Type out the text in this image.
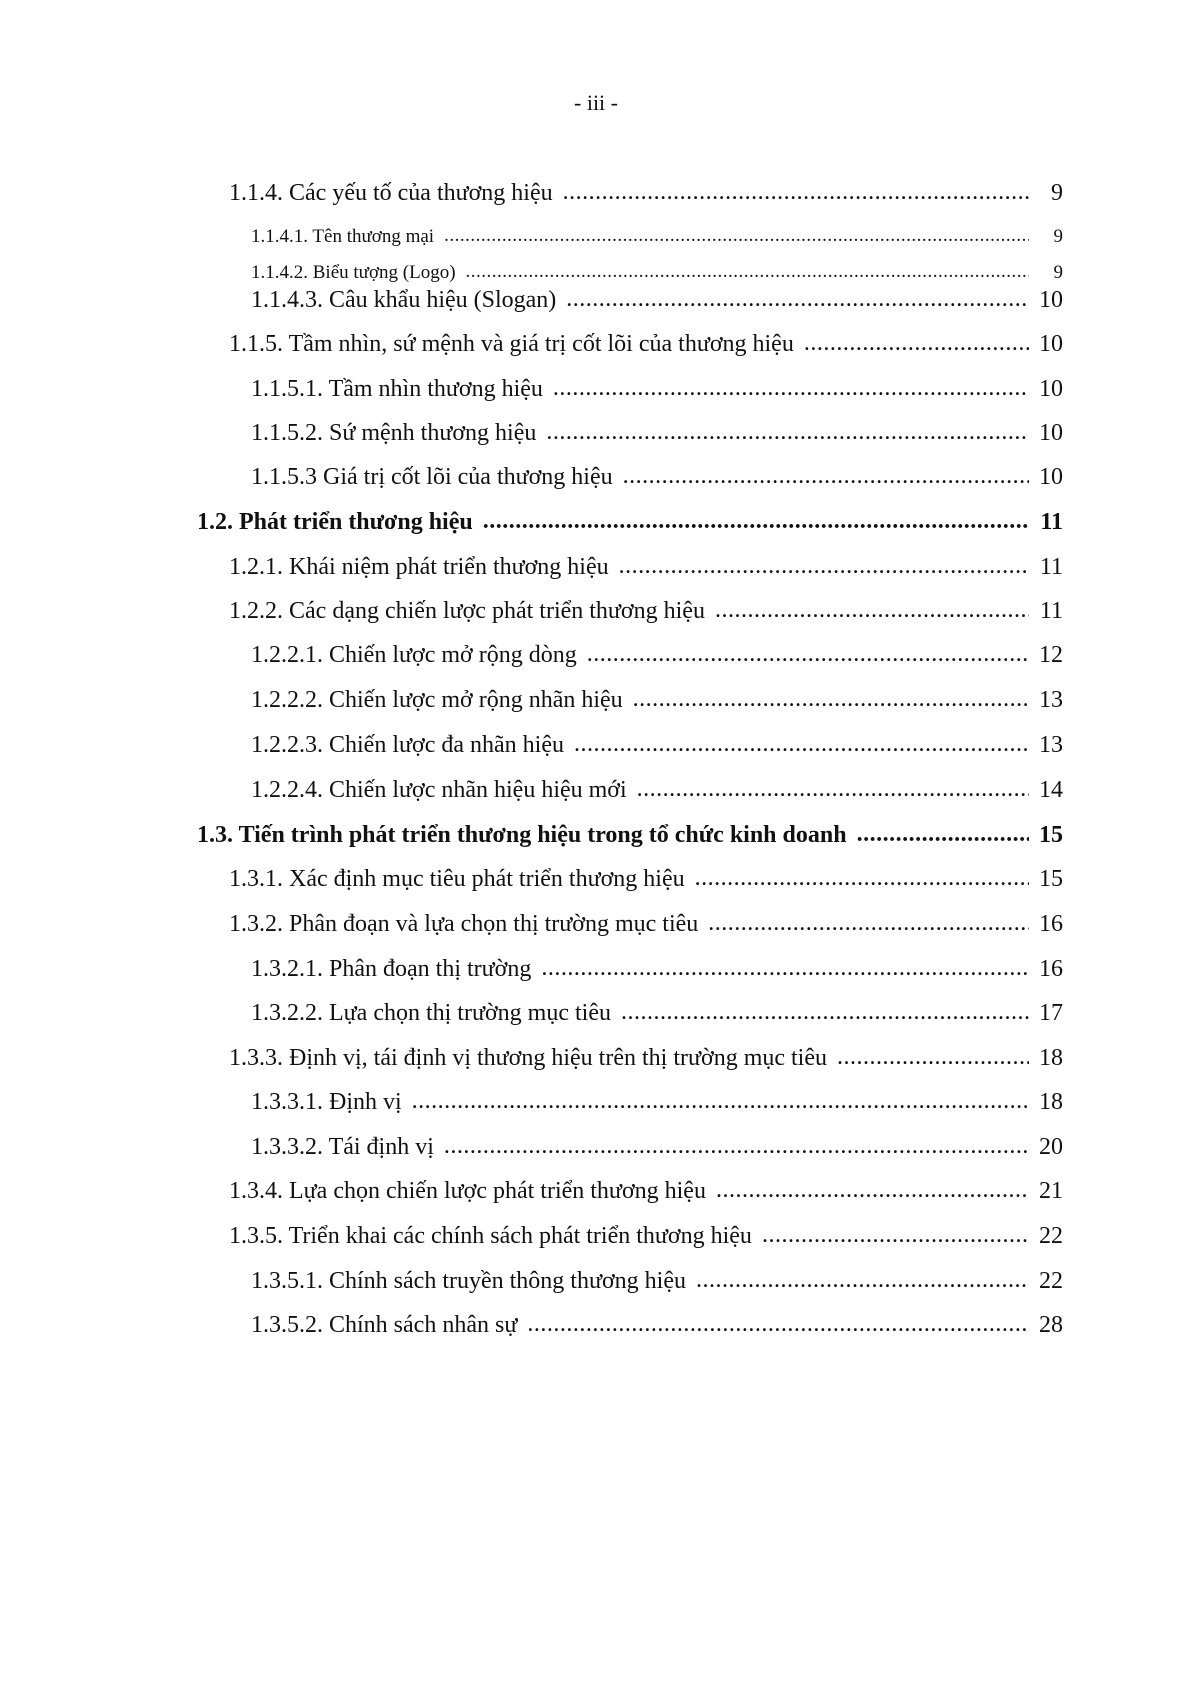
- iii -
1.1.4. Các yếu tố của thương hiệu .....	9
1.1.4.1. Tên thương mại .....	9
1.1.4.2. Biểu tượng (Logo) .....	9
1.1.4.3. Câu khẩu hiệu (Slogan) .....	10
1.1.5. Tầm nhìn, sứ mệnh và giá trị cốt lõi của thương hiệu .....	10
1.1.5.1. Tầm nhìn thương hiệu .....	10
1.1.5.2. Sứ mệnh thương hiệu .....	10
1.1.5.3 Giá trị cốt lõi của thương hiệu .....	10
1.2. Phát triển thương hiệu .....	11
1.2.1. Khái niệm phát triển thương hiệu .....	11
1.2.2. Các dạng chiến lược phát triển thương hiệu .....	11
1.2.2.1. Chiến lược mở rộng dòng .....	12
1.2.2.2. Chiến lược mở rộng nhãn hiệu .....	13
1.2.2.3. Chiến lược đa nhãn hiệu .....	13
1.2.2.4. Chiến lược nhãn hiệu hiệu mới .....	14
1.3. Tiến trình phát triển thương hiệu trong tổ chức kinh doanh .....	15
1.3.1. Xác định mục tiêu phát triển thương hiệu .....	15
1.3.2. Phân đoạn và lựa chọn thị trường mục tiêu .....	16
1.3.2.1. Phân đoạn thị trường .....	16
1.3.2.2. Lựa chọn thị trường mục tiêu .....	17
1.3.3. Định vị, tái định vị thương hiệu trên thị trường mục tiêu .....	18
1.3.3.1. Định vị .....	18
1.3.3.2. Tái định vị .....	20
1.3.4. Lựa chọn chiến lược phát triển thương hiệu .....	21
1.3.5. Triển khai các chính sách phát triển thương hiệu .....	22
1.3.5.1. Chính sách truyền thông thương hiệu .....	22
1.3.5.2. Chính sách nhân sự .....	28
